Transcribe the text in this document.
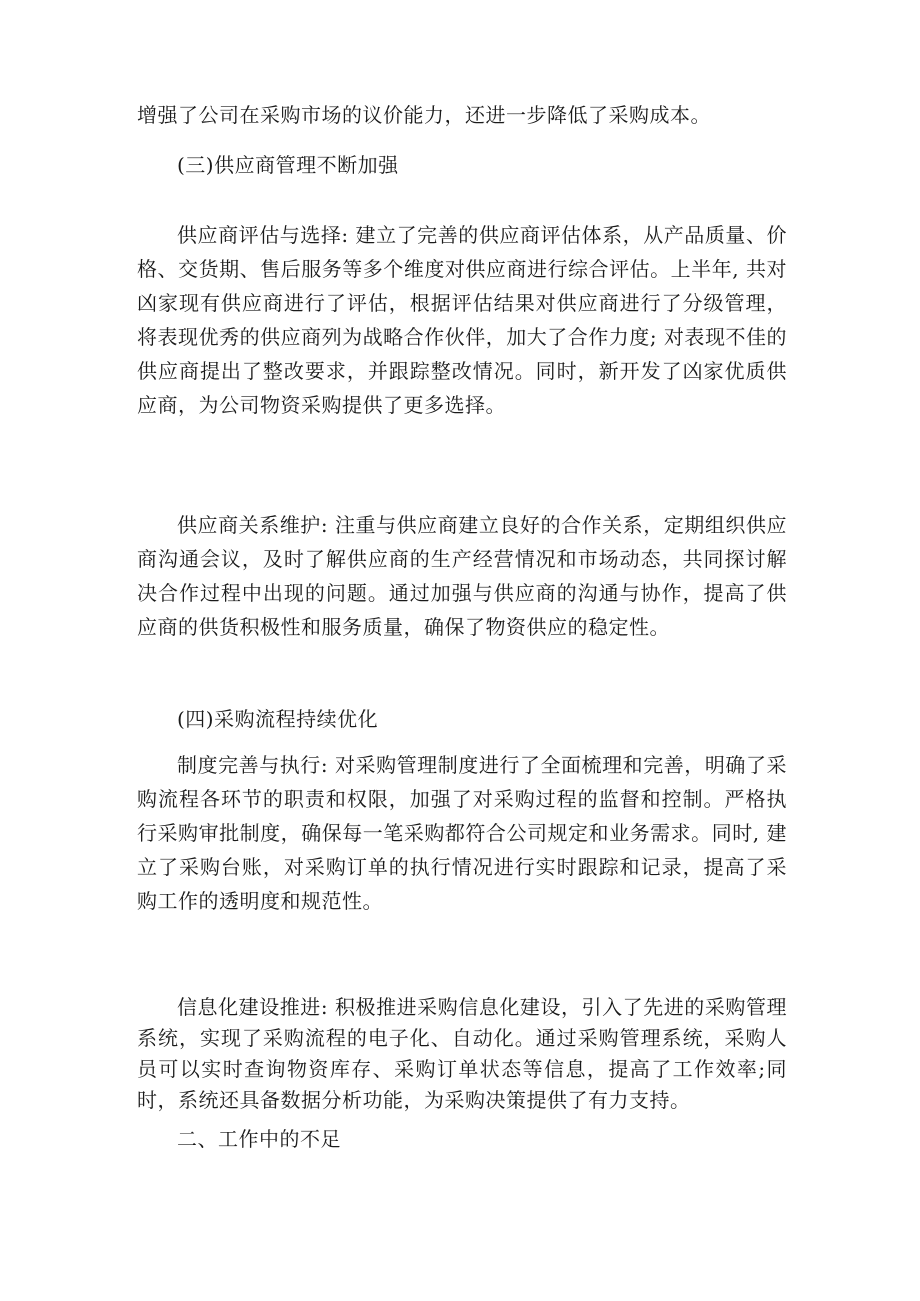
增强了公司在采购市场的议价能力，还进一步降低了采购成本。

(三)供应商管理不断加强

供应商评估与选择: 建立了完善的供应商评估体系，从产品质量、价格、交货期、售后服务等多个维度对供应商进行综合评估。上半年, 共对凶家现有供应商进行了评估，根据评估结果对供应商进行了分级管理，将表现优秀的供应商列为战略合作伙伴，加大了合作力度; 对表现不佳的供应商提出了整改要求，并跟踪整改情况。同时，新开发了凶家优质供应商，为公司物资采购提供了更多选择。

供应商关系维护: 注重与供应商建立良好的合作关系，定期组织供应商沟通会议，及时了解供应商的生产经营情况和市场动态，共同探讨解决合作过程中出现的问题。通过加强与供应商的沟通与协作，提高了供应商的供货积极性和服务质量，确保了物资供应的稳定性。

(四)采购流程持续优化

制度完善与执行: 对采购管理制度进行了全面梳理和完善，明确了采购流程各环节的职责和权限，加强了对采购过程的监督和控制。严格执行采购审批制度，确保每一笔采购都符合公司规定和业务需求。同时, 建立了采购台账，对采购订单的执行情况进行实时跟踪和记录，提高了采购工作的透明度和规范性。

信息化建设推进: 积极推进采购信息化建设，引入了先进的采购管理系统，实现了采购流程的电子化、自动化。通过采购管理系统，采购人员可以实时查询物资库存、采购订单状态等信息，提高了工作效率;同时，系统还具备数据分析功能，为采购决策提供了有力支持。

二、工作中的不足
